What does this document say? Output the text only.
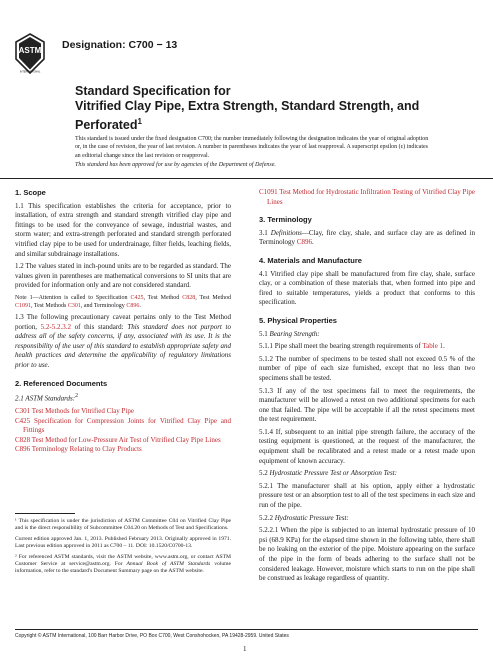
ASTM
INTERNATIONAL
Designation: C700 − 13
Standard Specification for
Vitrified Clay Pipe, Extra Strength, Standard Strength, and
Perforated$^1$
This standard is issued under the fixed designation C700; the number immediately following the designation indicates the year of original adoption or, in the case of revision, the year of last revision. A number in parentheses indicates the year of last reapproval. A superscript epsilon (ε) indicates an editorial change since the last revision or reapproval.
This standard has been approved for use by agencies of the Department of Defense.
1. Scope

1.1 This specification establishes the criteria for acceptance, prior to installation, of extra strength and standard strength vitrified clay pipe and fittings to be used for the conveyance of sewage, industrial wastes, and storm water; and extra-strength perforated and standard strength perforated vitrified clay pipe to be used for underdrainage, filter fields, leaching fields, and similar subdrainage installations.

1.2 The values stated in inch-pound units are to be regarded as standard. The values given in parentheses are mathematical conversions to SI units that are provided for information only and are not considered standard.

Note 1—Attention is called to Specification C425, Test Method C828, Test Method C1091, Test Methods C301, and Terminology C896.

1.3 The following precautionary caveat pertains only to the Test Method portion, 5.2-5.2.3.2 of this standard: This standard does not purport to address all of the safety concerns, if any, associated with its use. It is the responsibility of the user of this standard to establish appropriate safety and health practices and determine the applicability of regulatory limitations prior to use.

2. Referenced Documents

2.1 ASTM Standards:$^2$

C301 Test Methods for Vitrified Clay Pipe

C425 Specification for Compression Joints for Vitrified Clay Pipe and Fittings

C828 Test Method for Low-Pressure Air Test of Vitrified Clay Pipe Lines

C896 Terminology Relating to Clay Products

¹ This specification is under the jurisdiction of ASTM Committee C04 on Vitrified Clay Pipe and is the direct responsibility of Subcommittee C04.20 on Methods of Test and Specifications.

Current edition approved Jan. 1, 2013. Published February 2013. Originally approved in 1971. Last previous edition approved in 2011 as C700 – 11. DOI: 10.1520/C0700-13.

² For referenced ASTM standards, visit the ASTM website, www.astm.org, or contact ASTM Customer Service at service@astm.org. For Annual Book of ASTM Standards volume information, refer to the standard's Document Summary page on the ASTM website.

C1091 Test Method for Hydrostatic Infiltration Testing of Vitrified Clay Pipe Lines

3. Terminology

3.1 Definitions—Clay, fire clay, shale, and surface clay are as defined in Terminology C896.

4. Materials and Manufacture

4.1 Vitrified clay pipe shall be manufactured from fire clay, shale, surface clay, or a combination of these materials that, when formed into pipe and fired to suitable temperatures, yields a product that conforms to this specification.

5. Physical Properties

5.1 Bearing Strength:

5.1.1 Pipe shall meet the bearing strength requirements of Table 1.

5.1.2 The number of specimens to be tested shall not exceed 0.5 % of the number of pipe of each size furnished, except that no less than two specimens shall be tested.

5.1.3 If any of the test specimens fail to meet the requirements, the manufacturer will be allowed a retest on two additional specimens for each one that failed. The pipe will be acceptable if all the retest specimens meet the test requirement.

5.1.4 If, subsequent to an initial pipe strength failure, the accuracy of the testing equipment is questioned, at the request of the manufacturer, the equipment shall be recalibrated and a retest made or a retest made upon equipment of known accuracy.

5.2 Hydrostatic Pressure Test or Absorption Test:

5.2.1 The manufacturer shall at his option, apply either a hydrostatic pressure test or an absorption test to all of the test specimens in each size and run of the pipe.

5.2.2 Hydrostatic Pressure Test:

5.2.2.1 When the pipe is subjected to an internal hydrostatic pressure of 10 psi (68.9 KPa) for the elapsed time shown in the following table, there shall be no leaking on the exterior of the pipe. Moisture appearing on the surface of the pipe in the form of beads adhering to the surface shall not be considered leakage. However, moisture which starts to run on the pipe shall be construed as leakage regardless of quantity.

Copyright © ASTM International, 100 Barr Harbor Drive, PO Box C700, West Conshohocken, PA 19428-2959. United States
1
